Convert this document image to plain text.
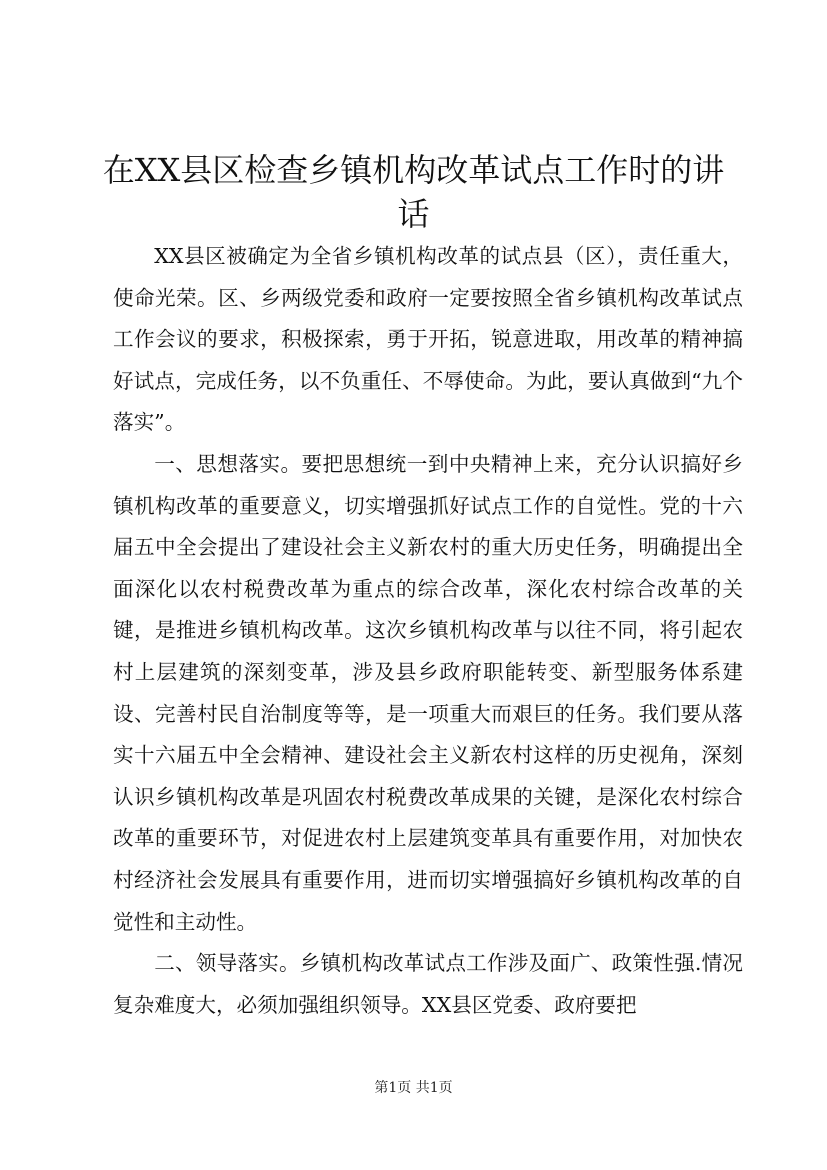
在XX县区检查乡镇机构改革试点工作时的讲话

XX县区被确定为全省乡镇机构改革的试点县（区），责任重大，使命光荣。区、乡两级党委和政府一定要按照全省乡镇机构改革试点工作会议的要求，积极探索，勇于开拓，锐意进取，用改革的精神搞好试点，完成任务，以不负重任、不辱使命。为此，要认真做到“九个落实”。

一、思想落实。要把思想统一到中央精神上来，充分认识搞好乡镇机构改革的重要意义，切实增强抓好试点工作的自觉性。党的十六届五中全会提出了建设社会主义新农村的重大历史任务，明确提出全面深化以农村税费改革为重点的综合改革，深化农村综合改革的关键，是推进乡镇机构改革。这次乡镇机构改革与以往不同，将引起农村上层建筑的深刻变革，涉及县乡政府职能转变、新型服务体系建设、完善村民自治制度等等，是一项重大而艰巨的任务。我们要从落实十六届五中全会精神、建设社会主义新农村这样的历史视角，深刻认识乡镇机构改革是巩固农村税费改革成果的关键，是深化农村综合改革的重要环节，对促进农村上层建筑变革具有重要作用，对加快农村经济社会发展具有重要作用，进而切实增强搞好乡镇机构改革的自觉性和主动性。

二、领导落实。乡镇机构改革试点工作涉及面广、政策性强.情况复杂难度大，必须加强组织领导。XX县区党委、政府要把

第1页 共1页
